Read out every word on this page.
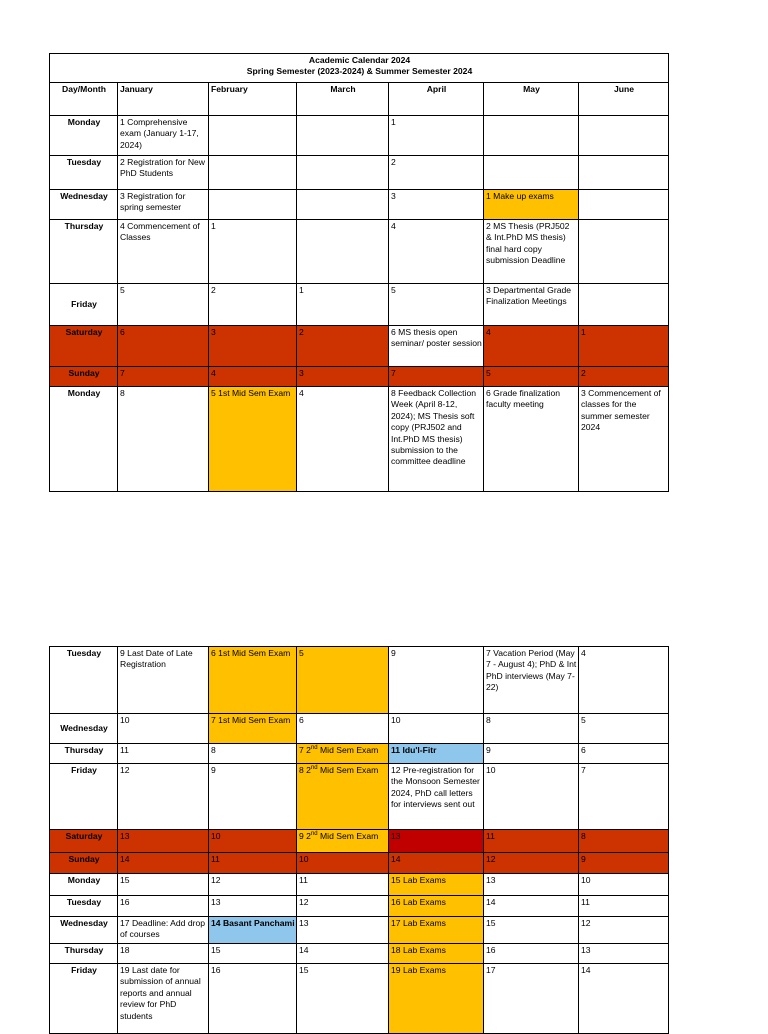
Academic Calendar 2024
Spring Semester (2023-2024) & Summer Semester 2024						

Day/Month	January	February	March	April	May	June
Monday	1 Comprehensive exam (January 1-17, 2024)			1		
Tuesday	2 Registration for New PhD Students			2		
Wednesday	3 Registration for spring semester			3	1 Make up exams	
Thursday	4 Commencement of Classes	1		4	2 MS Thesis (PRJ502 & Int.PhD MS thesis) final hard copy submission Deadline	
Friday	5	2	1	5	3 Departmental Grade Finalization Meetings	
Saturday	6	3	2	6 MS thesis open seminar/ poster session	4	1
Sunday	7	4	3	7	5	2
Monday	8	5 1st Mid Sem Exam	4	8 Feedback Collection Week (April 8-12, 2024); MS Thesis soft copy (PRJ502 and Int.PhD MS thesis) submission to the committee deadline	6 Grade finalization faculty meeting	3 Commencement of classes for the summer semester 2024
Tuesday	9 Last Date of Late Registration	6 1st Mid Sem Exam	5	9	7 Vacation Period (May 7 - August 4); PhD & Int PhD interviews (May 7-22)	4
Wednesday	10	7 1st Mid Sem Exam	6	10	8	5
Thursday	11	8	7 2nd Mid Sem Exam	11 Idu'l-Fitr	9	6
Friday	12	9	8 2nd Mid Sem Exam	12 Pre-registration for the Monsoon Semester 2024, PhD call letters for interviews sent out	10	7
Saturday	13	10	9 2nd Mid Sem Exam	13	11	8
Sunday	14	11	10	14	12	9
Monday	15	12	11	15 Lab Exams	13	10
Tuesday	16	13	12	16 Lab Exams	14	11
Wednesday	17 Deadline: Add drop of courses	14 Basant Panchami	13	17 Lab Exams	15	12
Thursday	18	15	14	18 Lab Exams	16	13
Friday	19 Last date for submission of annual reports and annual review for PhD students	16	15	19 Lab Exams	17	14
